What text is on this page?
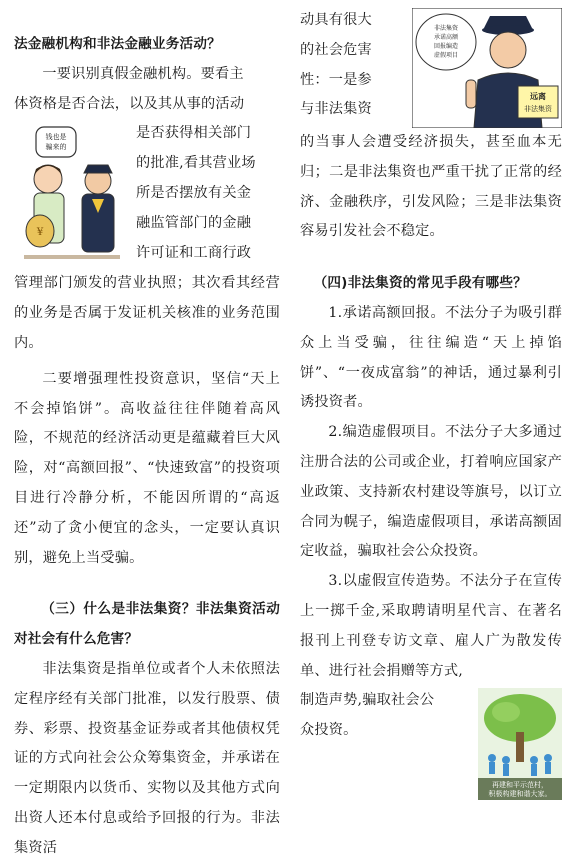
法金融机构和非法金融业务活动？

一要识别真假金融机构。要看主

体资格是否合法，以及其从事的活动

钱也是
骗来的
¥
是否获得相关部门
的批准,看其营业场
所是否摆放有关金
融监管部门的金融
许可证和工商行政

管理部门颁发的营业执照；其次看其经营的业务是否属于发证机关核准的业务范围内。

二要增强理性投资意识，坚信“天上不会掉馅饼”。高收益往往伴随着高风险，不规范的经济活动更是蕴藏着巨大风险，对“高额回报”、“快速致富”的投资项目进行冷静分析，不能因所谓的“高返还”动了贪小便宜的念头，一定要认真识别，避免上当受骗。

（三）什么是非法集资？非法集资活动对社会有什么危害？

非法集资是指单位或者个人未依照法定程序经有关部门批准，以发行股票、债券、彩票、投资基金证券或者其他债权凭证的方式向社会公众筹集资金，并承诺在一定期限内以货币、实物以及其他方式向出资人还本付息或给予回报的行为。非法集资活

非法集资
承诺高额
回报编造
虚假项目
远离
非法集资
动具有很大
的社会危害
性：一是参
与非法集资

的当事人会遭受经济损失，甚至血本无归；二是非法集资也严重干扰了正常的经济、金融秩序，引发风险；三是非法集资容易引发社会不稳定。

（四)非法集资的常见手段有哪些？

1.承诺高额回报。不法分子为吸引群众上当受骗，往往编造“天上掉馅饼”、“一夜成富翁”的神话，通过暴利引诱投资者。

2.编造虚假项目。不法分子大多通过注册合法的公司或企业，打着响应国家产业政策、支持新农村建设等旗号，以订立合同为幌子，编造虚假项目，承诺高额固定收益，骗取社会公众投资。

3.以虚假宣传造势。不法分子在宣传上一掷千金,采取聘请明星代言、在著名报刊上刊登专访文章、雇人广为散发传单、进行社会捐赠等方式,

再建和平示范村，
积极构建和谐大家。
制造声势,骗取社会公
众投资。
